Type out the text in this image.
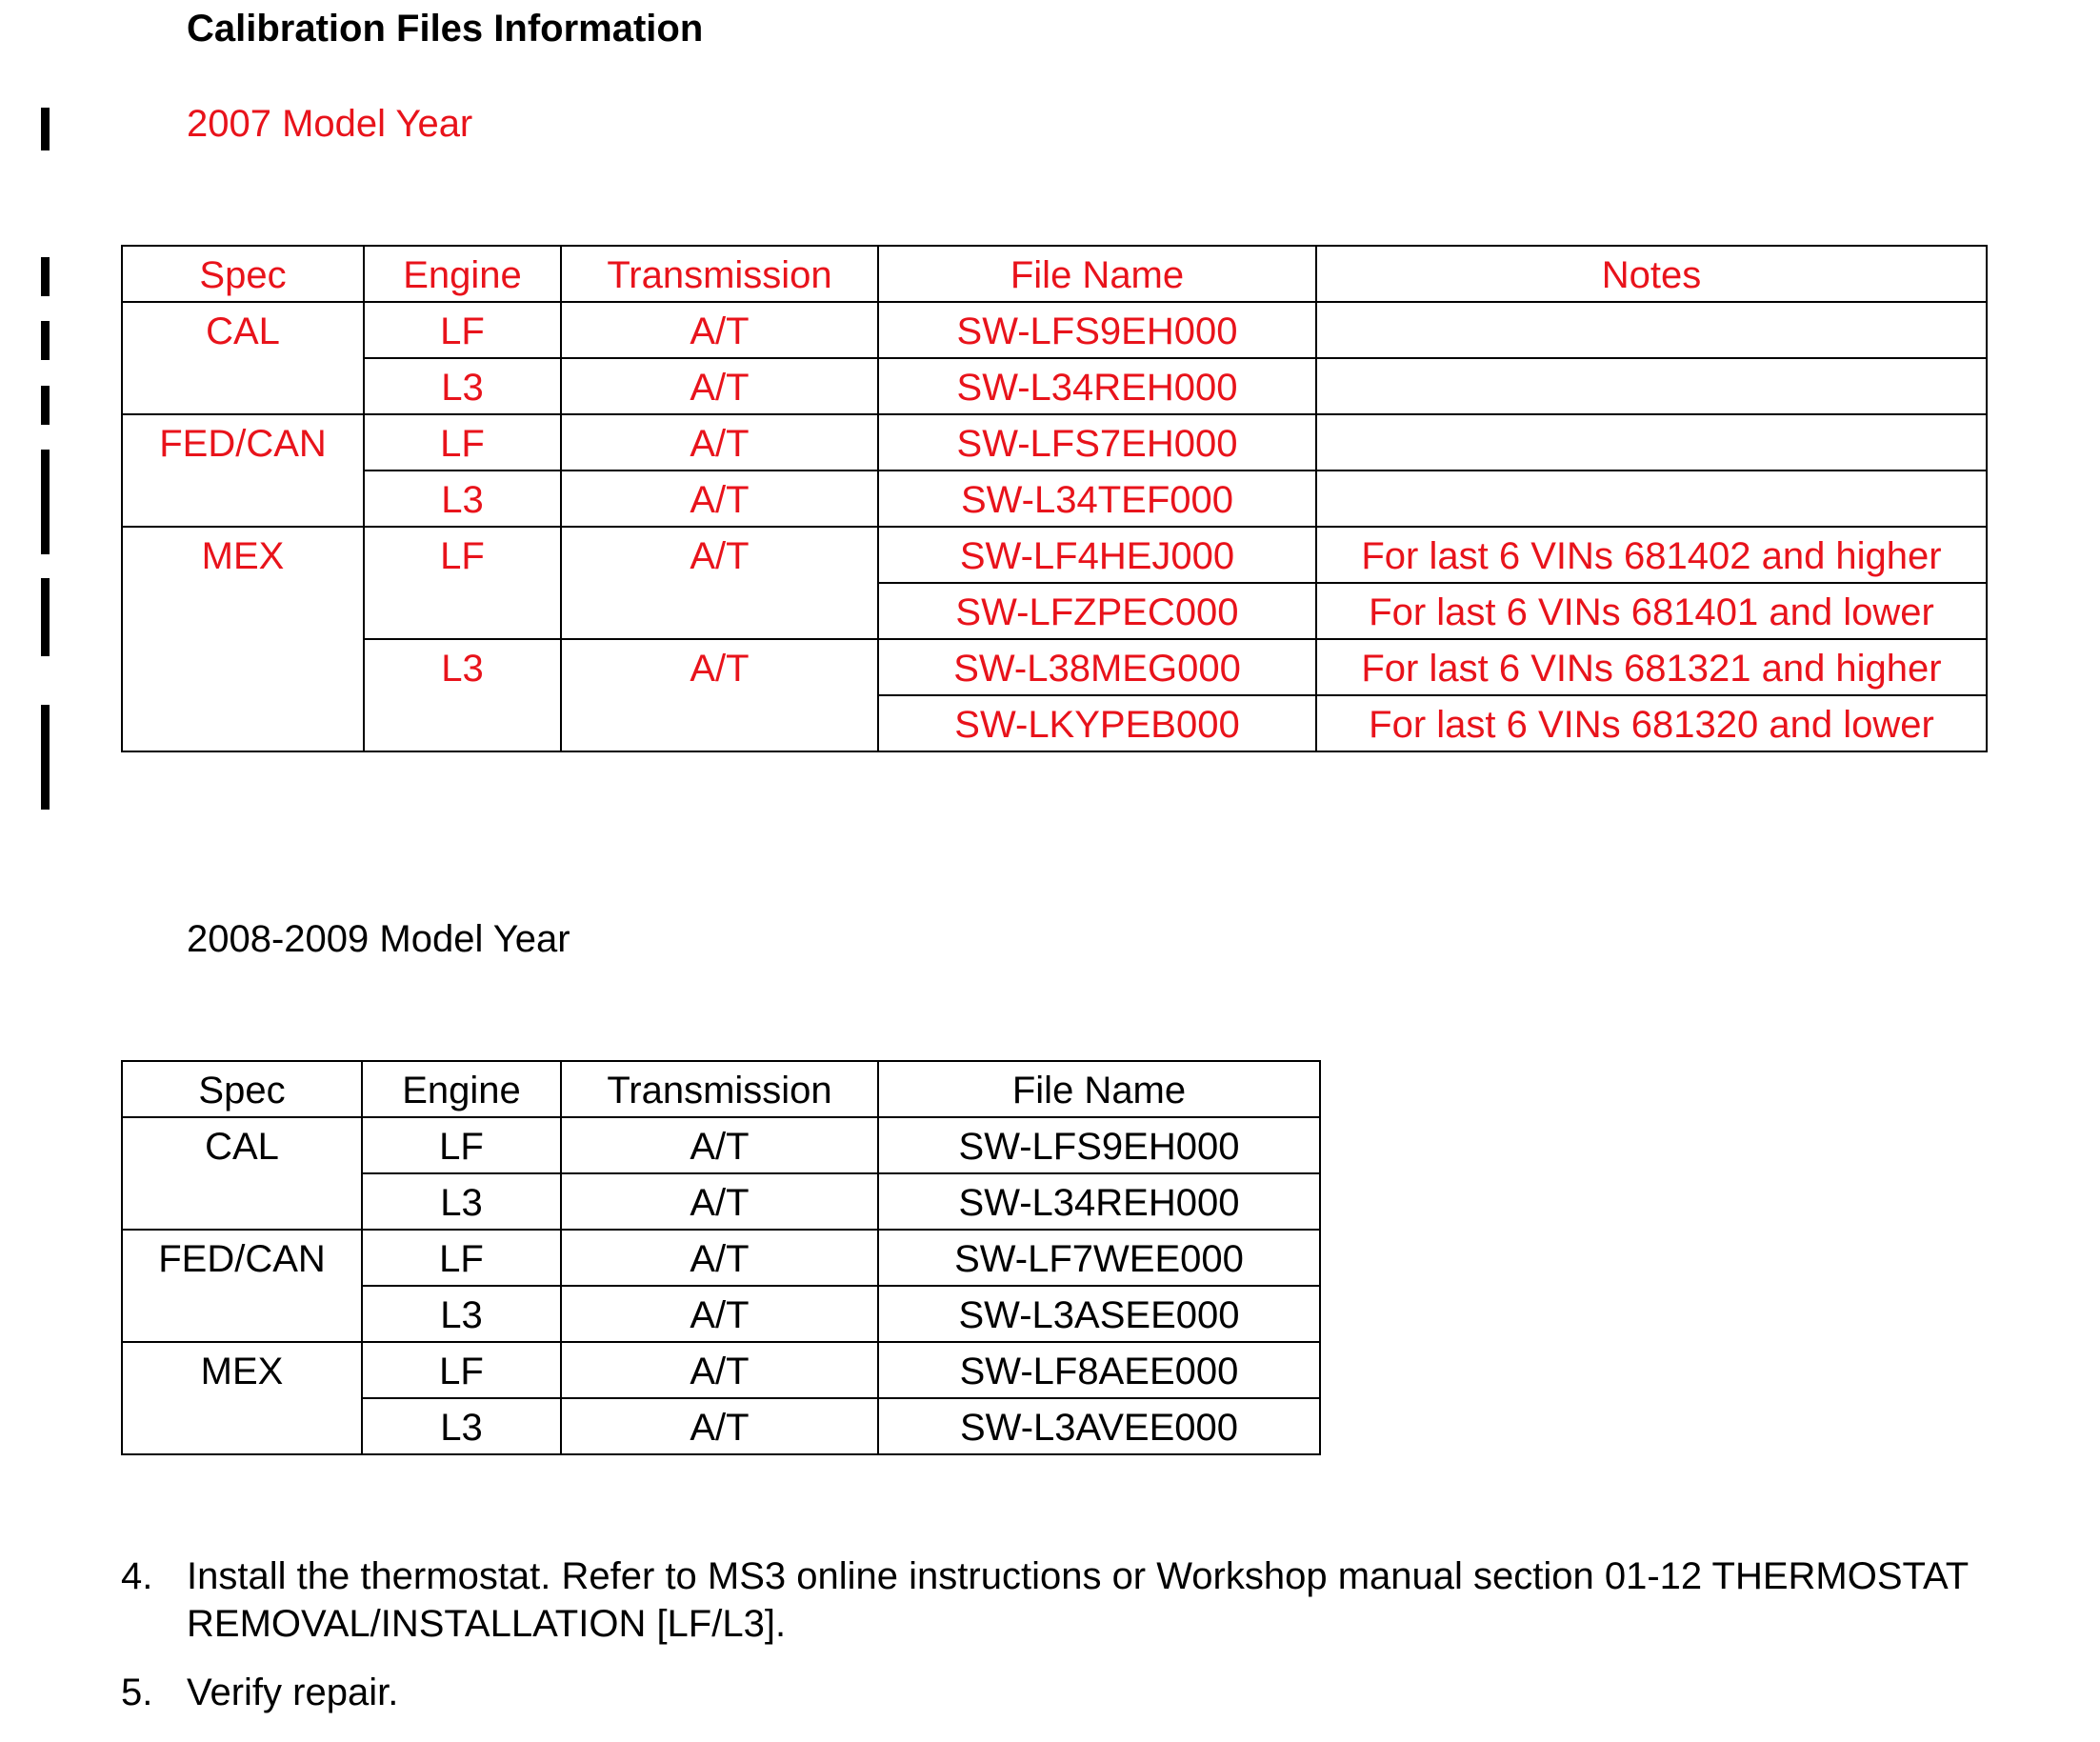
Calibration Files Information
2007 Model Year
Spec	Engine	Transmission	File Name	Notes
CAL	LF	A/T	SW-LFS9EH000	
	L3	A/T	SW-L34REH000	
FED/CAN	LF	A/T	SW-LFS7EH000	
	L3	A/T	SW-L34TEF000	
MEX	LF	A/T	SW-LF4HEJ000	For last 6 VINs 681402 and higher
			SW-LFZPEC000	For last 6 VINs 681401 and lower
	L3	A/T	SW-L38MEG000	For last 6 VINs 681321 and higher
			SW-LKYPEB000	For last 6 VINs 681320 and lower
2008-2009 Model Year
Spec	Engine	Transmission	File Name
CAL	LF	A/T	SW-LFS9EH000
	L3	A/T	SW-L34REH000
FED/CAN	LF	A/T	SW-LF7WEE000
	L3	A/T	SW-L3ASEE000
MEX	LF	A/T	SW-LF8AEE000
	L3	A/T	SW-L3AVEE000
4. Install the thermostat. Refer to MS3 online instructions or Workshop manual section 01-12 THERMOSTAT REMOVAL/INSTALLATION [LF/L3].
5. Verify repair.
